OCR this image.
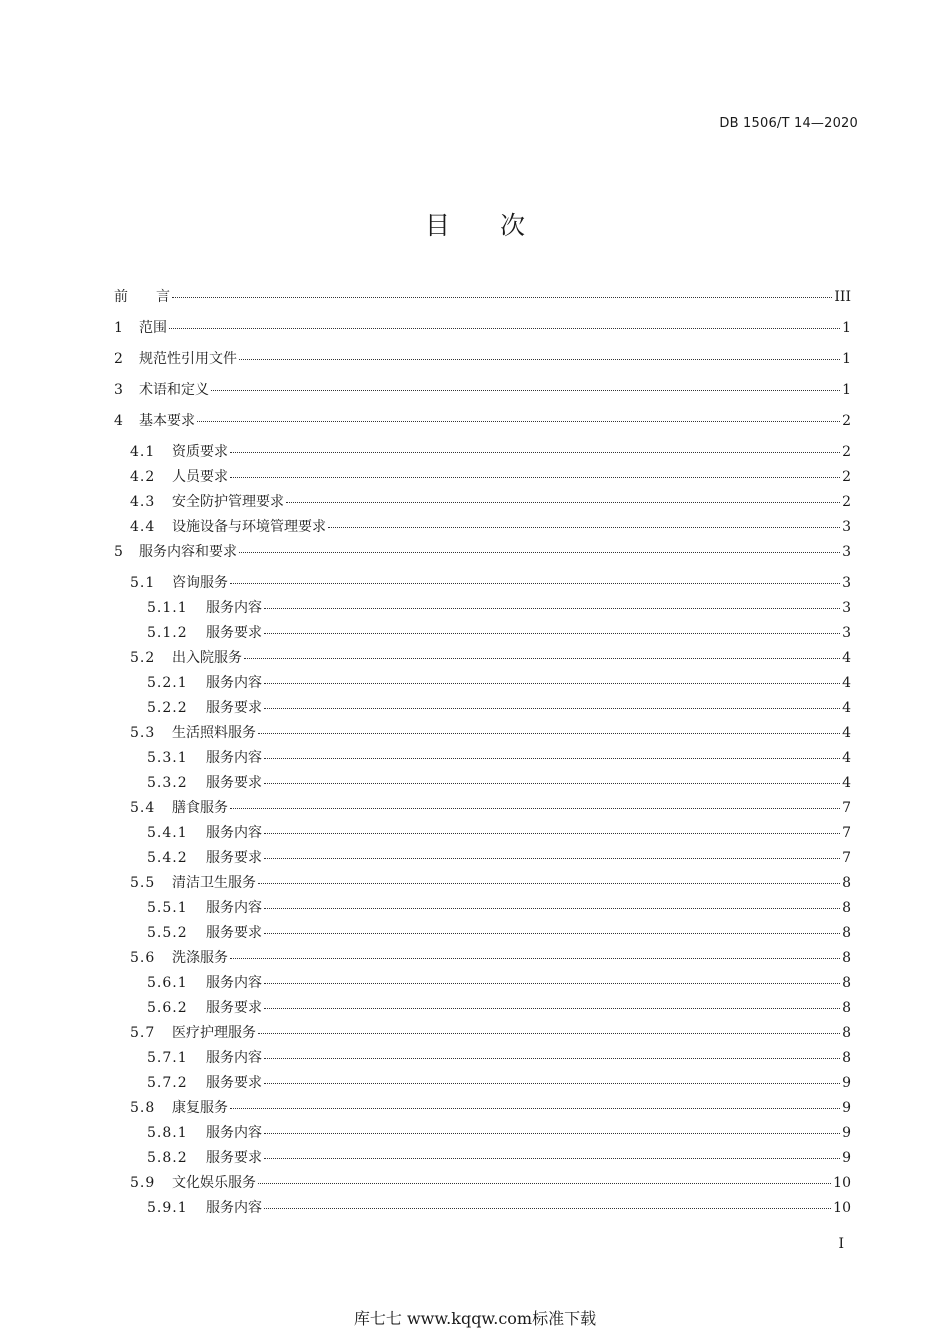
DB 1506/T 14—2020
目 次
前　　言	III
1	范围	1
2	规范性引用文件	1
3	术语和定义	1
4	基本要求	2
4.1	资质要求	2
4.2	人员要求	2
4.3	安全防护管理要求	2
4.4	设施设备与环境管理要求	3
5	服务内容和要求	3
5.1	咨询服务	3
5.1.1	服务内容	3
5.1.2	服务要求	3
5.2	出入院服务	4
5.2.1	服务内容	4
5.2.2	服务要求	4
5.3	生活照料服务	4
5.3.1	服务内容	4
5.3.2	服务要求	4
5.4	膳食服务	7
5.4.1	服务内容	7
5.4.2	服务要求	7
5.5	清洁卫生服务	8
5.5.1	服务内容	8
5.5.2	服务要求	8
5.6	洗涤服务	8
5.6.1	服务内容	8
5.6.2	服务要求	8
5.7	医疗护理服务	8
5.7.1	服务内容	8
5.7.2	服务要求	9
5.8	康复服务	9
5.8.1	服务内容	9
5.8.2	服务要求	9
5.9	文化娱乐服务	10
5.9.1	服务内容	10
I
库七七 www.kqqw.com标准下载
